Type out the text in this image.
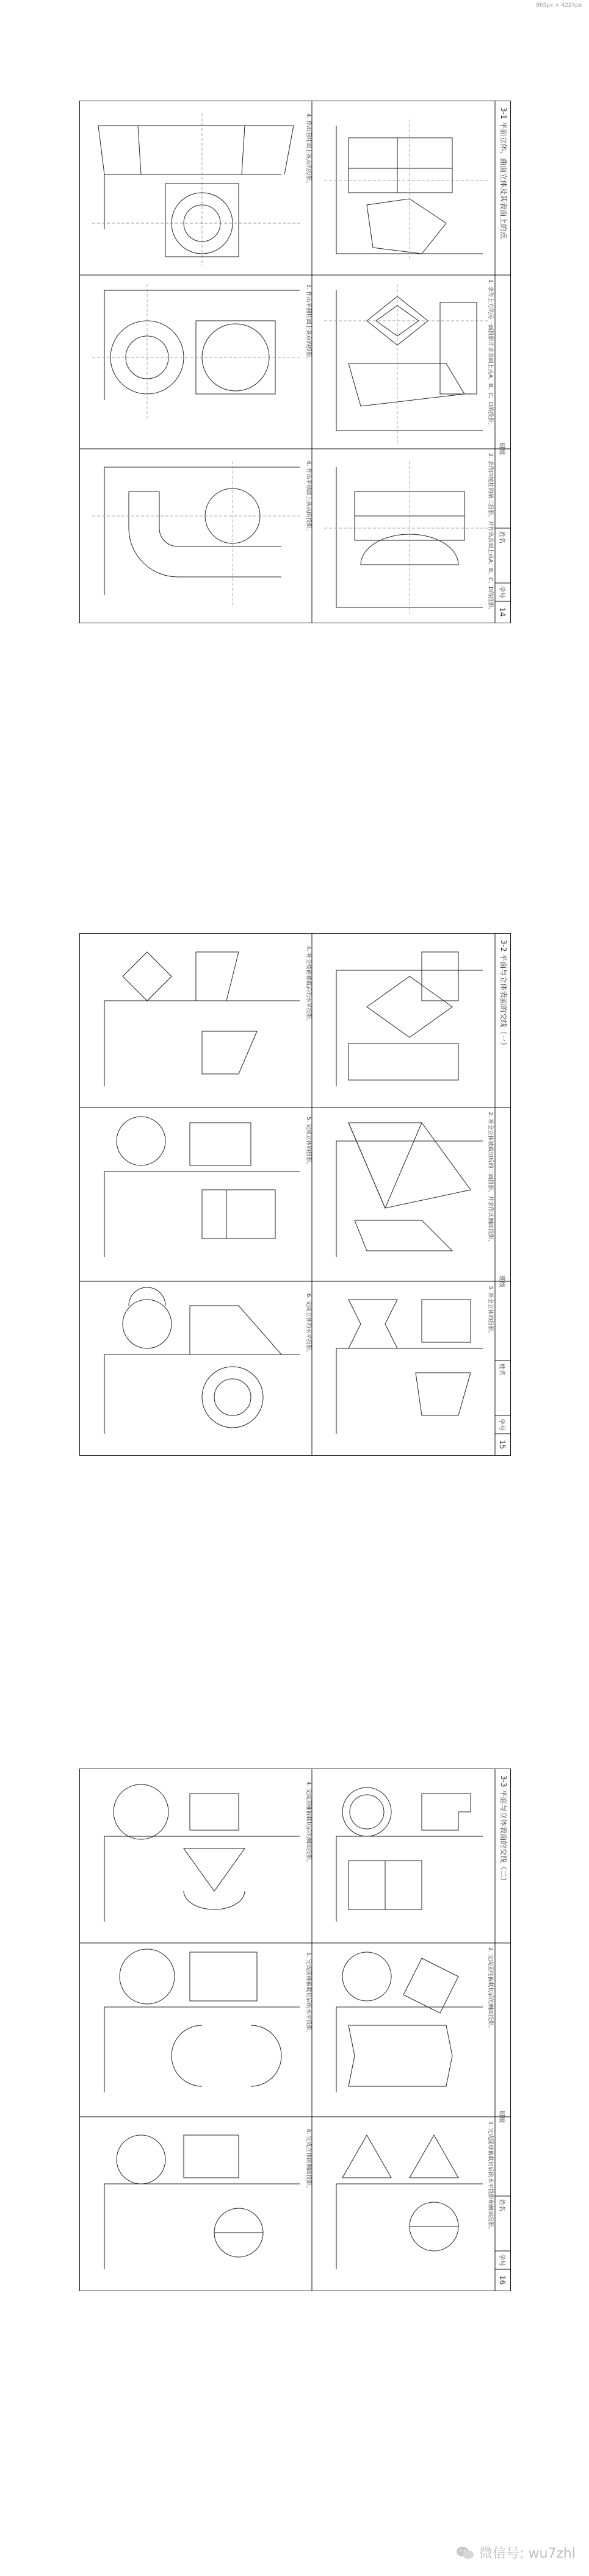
965px × 4224px
3-1 平面立体、曲面立体及其表面上的点
1. 求作上方的另一面投影并求表面上点A、B、C、D的投影。
2. 求作四棱柱的第三投影，并作出表面上点A、B、C、D的投影。
4. 作出圆柱面上各点的投影。
5. 作出半圆柱面上各点的投影。
6. 作出半球面上各点的投影。
班级
姓名
学号
14
3-2 平面与立体表面的交线（一）
2. 补全立体被截切后的三面投影，并求作其侧面投影。
3. 补全立体的投影。
4. 补全棱锥被截后的水平投影。
5. 完成立体的投影。
6. 完成立体的水平投影。
班级
姓名
学号
15
3-3 平面与立体表面的交线（二）
2. 完成圆柱被截切后的侧面投影。
3. 完成圆球被截切后的水平投影和侧面投影。
4. 完成圆锥被截切后的侧面投影。
5. 完成圆锥被截切后的水平投影。
6. 完成立体的侧面投影。
班级
姓名
学号
16
微信号: wu7zhl
